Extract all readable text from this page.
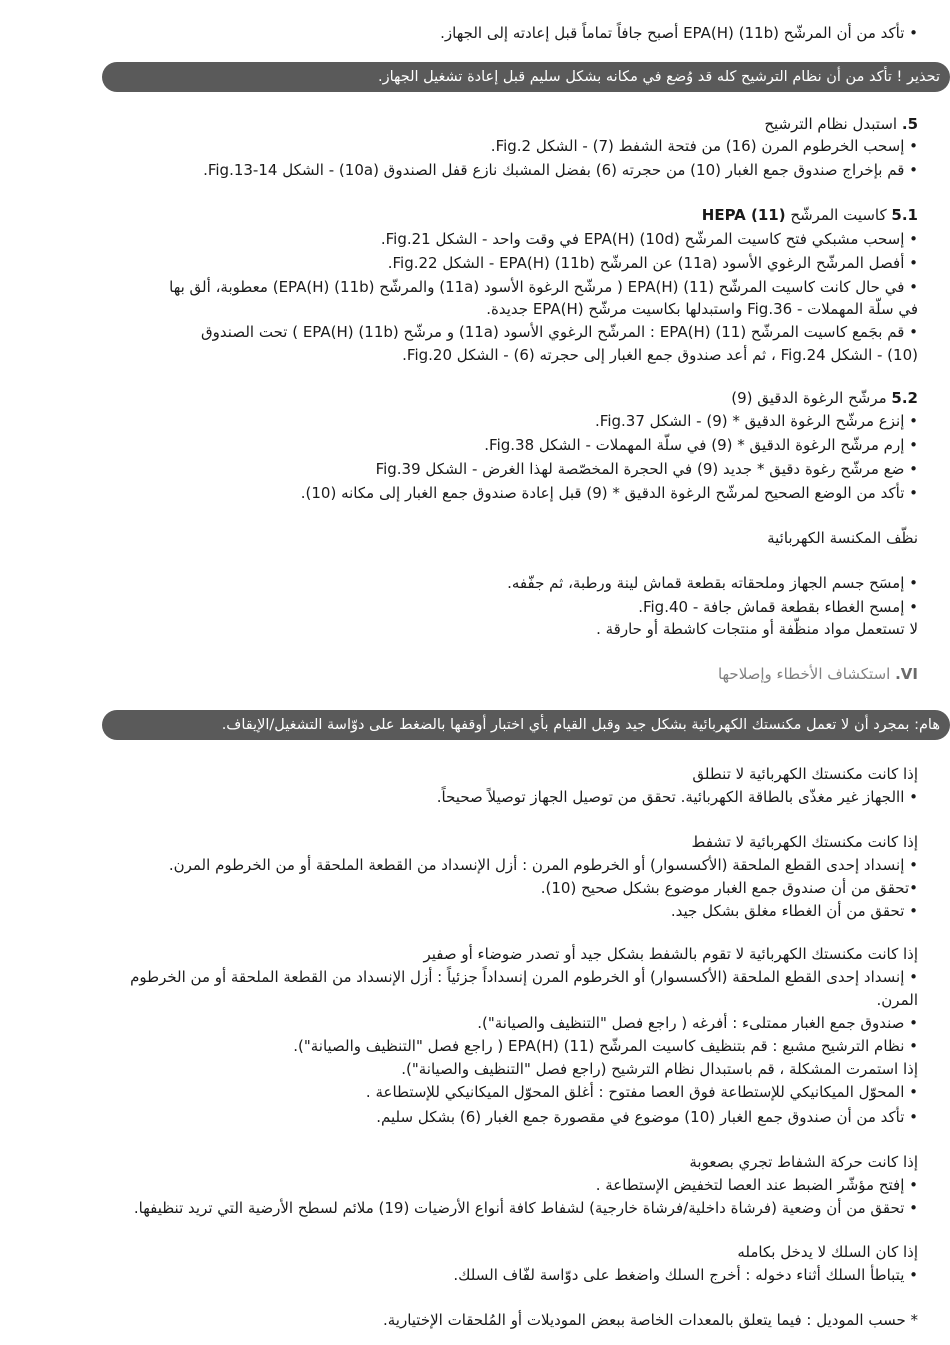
• تأكد من أن المرشّح (11b) (H)EPA أصبح جافاً تماماً قبل إعادته إلى الجهاز.
تحذير ! تأكد من أن نظام الترشيح كله قد وُضع في مكانه بشكل سليم قبل إعادة تشغيل الجهاز.
5. استبدل نظام الترشيح
• إسحب الخرطوم المرن (16) من فتحة الشفط (7) - الشكل Fig.2.
• قم بإخراج صندوق جمع الغبار (10) من حجرته (6) بفضل المشبك نازع قفل الصندوق (10a) - الشكل Fig.13-14.
5.1 كاسيت المرشّح HEPA (11)
• إسحب مشبكي فتح كاسيت المرشّح (10d) (H)EPA في وقت واحد - الشكل Fig.21.
• أفصل المرشّح الرغوي الأسود (11a) عن المرشّح (11b) (H)EPA - الشكل Fig.22.
• في حال كانت كاسيت المرشّح (11) (H)EPA ( مرشّح الرغوة الأسود (11a) والمرشّح (11b) (H)EPA) معطوبة، ألق بها
في سلّة المهملات - Fig.36 واستبدلها بكاسيت مرشّح (H)EPA جديدة.
• قم بجَمع كاسيت المرشّح (11) (H)EPA : المرشّح الرغوي الأسود (11a) و مرشّح (11b) (H)EPA ) تحت الصندوق
(10) - الشكل Fig.24 ، ثم أعد صندوق جمع الغبار إلى حجرته (6) - الشكل Fig.20.
5.2 مرشّح الرغوة الدقيق (9)
• إنزع مرشّح الرغوة الدقيق * (9) - الشكل Fig.37.
• إرم مرشّح الرغوة الدقيق * (9) في سلّة المهملات - الشكل Fig.38.
• ضع مرشّح رغوة دقيق * جديد (9) في الحجرة المخصّصة لهذا الغرض - الشكل Fig.39
• تأكد من الوضع الصحيح لمرشّح الرغوة الدقيق * (9) قبل إعادة صندوق جمع الغبار إلى مكانه (10).
نظّف المكنسة الكهربائية
• إمسَح جسم الجهاز وملحقاته بقطعة قماش لينة ورطبة، ثم جفّفه.
• إمسح الغطاء بقطعة قماش جافة - Fig.40.
لا تستعمل مواد منظّفة أو منتجات كاشطة أو حارقة .
VI. استكشاف الأخطاء وإصلاحها
هام: بمجرد أن لا تعمل مكنستك الكهربائية بشكل جيد وقبل القيام بأي اختبار أوقفها بالضغط على دوّاسة التشغيل/الإيقاف.
إذا كانت مكنستك الكهربائية لا تنطلق
• االجهاز غير مغذّى بالطاقة الكهربائية. تحقق من توصيل الجهاز توصيلاً صحيحاً.
إذا كانت مكنستك الكهربائية لا تشفط
• إنسداد إحدى القطع الملحقة (الأكسسوار) أو الخرطوم المرن : أزل الإنسداد من القطعة الملحقة أو من الخرطوم المرن.
•تحقق من أن صندوق جمع الغبار موضوع بشكل صحيح (10).
• تحقق من أن الغطاء مغلق بشكل جيد.
إذا كانت مكنستك الكهربائية لا تقوم بالشفط بشكل جيد أو تصدر ضوضاء أو صفير
• إنسداد إحدى القطع الملحقة (الأكسسوار) أو الخرطوم المرن إنسداداً جزئياً : أزل الإنسداد من القطعة الملحقة أو من الخرطوم
المرن.
• صندوق جمع الغبار ممتلىء : أفرغه ( راجع فصل "التنظيف والصيانة").
• نظام الترشيح مشبع : قم بتنظيف كاسيت المرشّح (11) (H)EPA ( راجع فصل "التنظيف والصيانة").
إذا استمرت المشكلة ، قم باستبدال نظام الترشيح (راجع فصل "التنظيف والصيانة").
• المحوّل الميكانيكي للإستطاعة فوق العصا مفتوح : أغلق المحوّل الميكانيكي للإستطاعة .
• تأكد من أن صندوق جمع الغبار (10) موضوع في مقصورة جمع الغبار (6) بشكل سليم.
إذا كانت حركة الشفاط تجري بصعوبة
• إفتح مؤشّر الضبط عند العصا لتخفيض الإستطاعة .
• تحقق من أن وضعية (فرشاة داخلية/فرشاة خارجية) لشفاط كافة أنواع الأرضيات (19) ملائم لسطح الأرضية التي تريد تنظيفها.
إذا كان السلك لا يدخل بكامله
• يتباطأ السلك أثناء دخوله : أخرج السلك واضغط على دوّاسة لفّاف السلك.
* حسب الموديل : فيما يتعلق بالمعدات الخاصة ببعض الموديلات أو المُلحقات الإختيارية.
